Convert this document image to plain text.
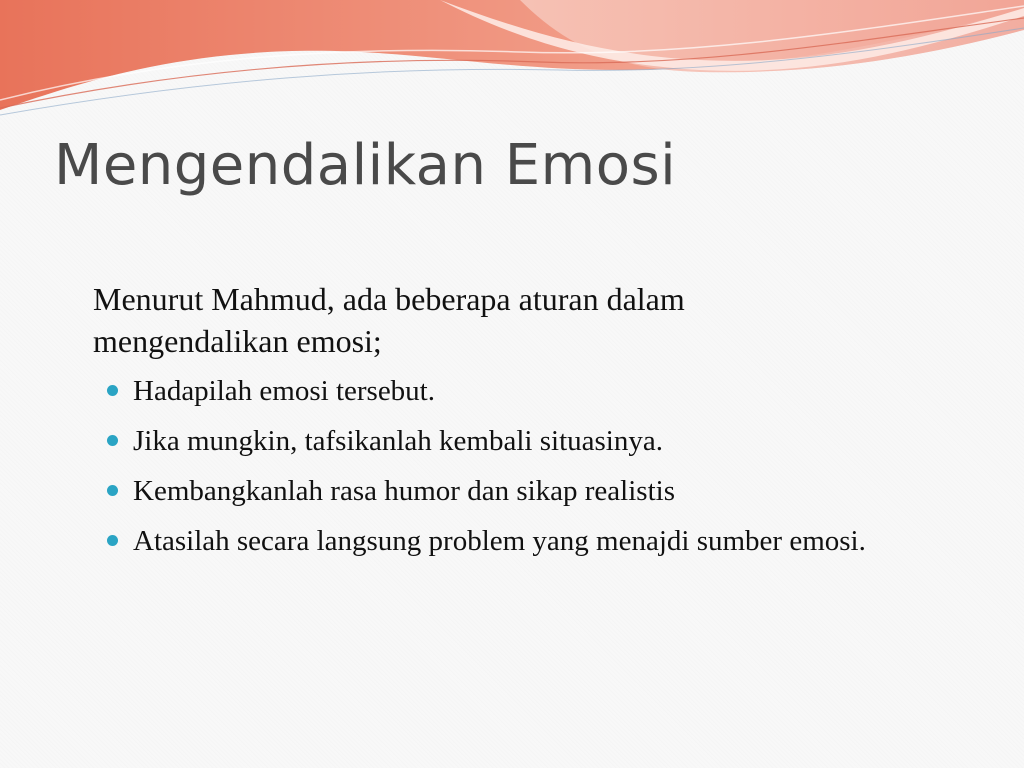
Mengendalikan Emosi

Menurut Mahmud, ada beberapa aturan dalam mengendalikan emosi;

Hadapilah emosi tersebut.
Jika mungkin, tafsikanlah kembali situasinya.
Kembangkanlah rasa humor dan sikap realistis
Atasilah secara langsung problem yang menajdi sumber emosi.
